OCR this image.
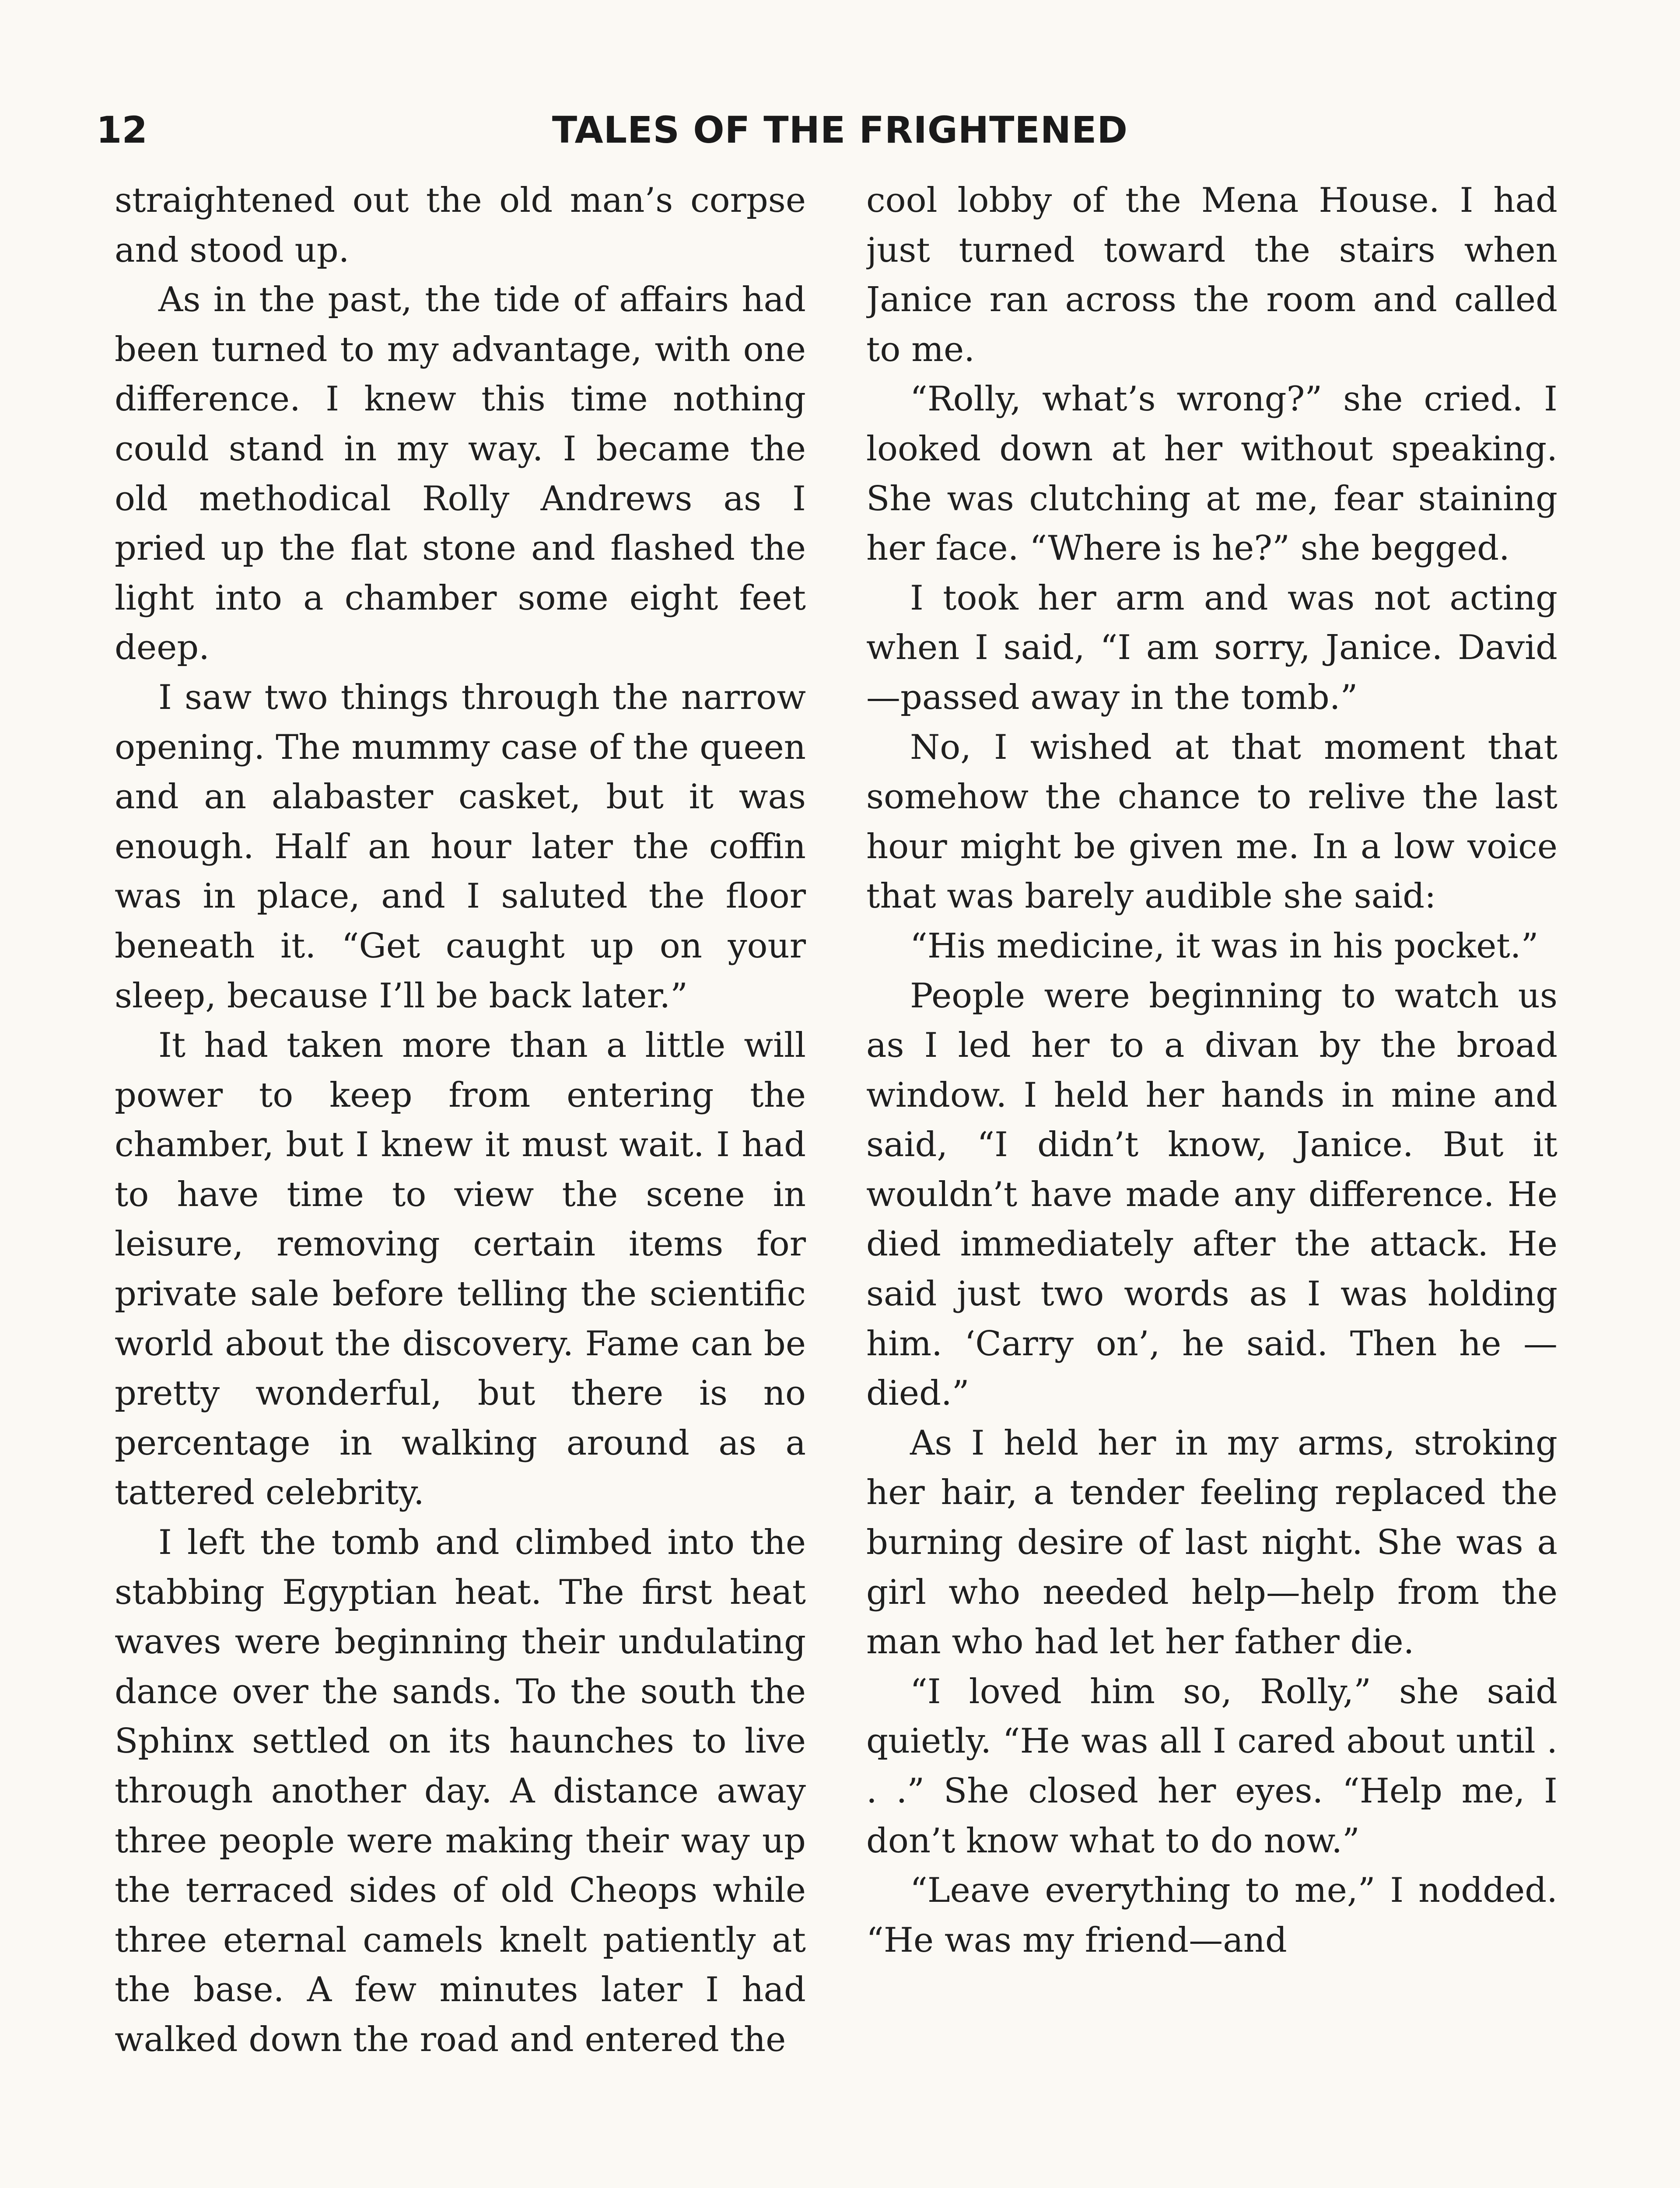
12	TALES OF THE FRIGHTENED

straightened out the old man’s corpse and stood up.

As in the past, the tide of affairs had been turned to my advantage, with one difference. I knew this time nothing could stand in my way. I became the old methodical Rolly Andrews as I pried up the flat stone and flashed the light into a chamber some eight feet deep.

I saw two things through the narrow opening. The mummy case of the queen and an alabaster casket, but it was enough. Half an hour later the coffin was in place, and I saluted the floor beneath it. “Get caught up on your sleep, because I’ll be back later.”

It had taken more than a little will power to keep from entering the chamber, but I knew it must wait. I had to have time to view the scene in leisure, removing certain items for private sale before telling the scientific world about the discovery. Fame can be pretty wonderful, but there is no percentage in walking around as a tattered celebrity.

I left the tomb and climbed into the stabbing Egyptian heat. The first heat waves were beginning their undulating dance over the sands. To the south the Sphinx settled on its haunches to live through another day. A distance away three people were making their way up the terraced sides of old Cheops while three eternal camels knelt patiently at the base. A few minutes later I had walked down the road and entered the

cool lobby of the Mena House. I had just turned toward the stairs when Janice ran across the room and called to me.

“Rolly, what’s wrong?” she cried. I looked down at her without speaking. She was clutching at me, fear staining her face. “Where is he?” she begged.

I took her arm and was not acting when I said, “I am sorry, Janice. David—passed away in the tomb.”

No, I wished at that moment that somehow the chance to relive the last hour might be given me. In a low voice that was barely audible she said:

“His medicine, it was in his pocket.”

People were beginning to watch us as I led her to a divan by the broad window. I held her hands in mine and said, “I didn’t know, Janice. But it wouldn’t have made any difference. He died immediately after the attack. He said just two words as I was holding him. ‘Carry on’, he said. Then he —died.”

As I held her in my arms, stroking her hair, a tender feeling replaced the burning desire of last night. She was a girl who needed help—help from the man who had let her father die.

“I loved him so, Rolly,” she said quietly. “He was all I cared about until . . .” She closed her eyes. “Help me, I don’t know what to do now.”

“Leave everything to me,” I nodded. “He was my friend—and
